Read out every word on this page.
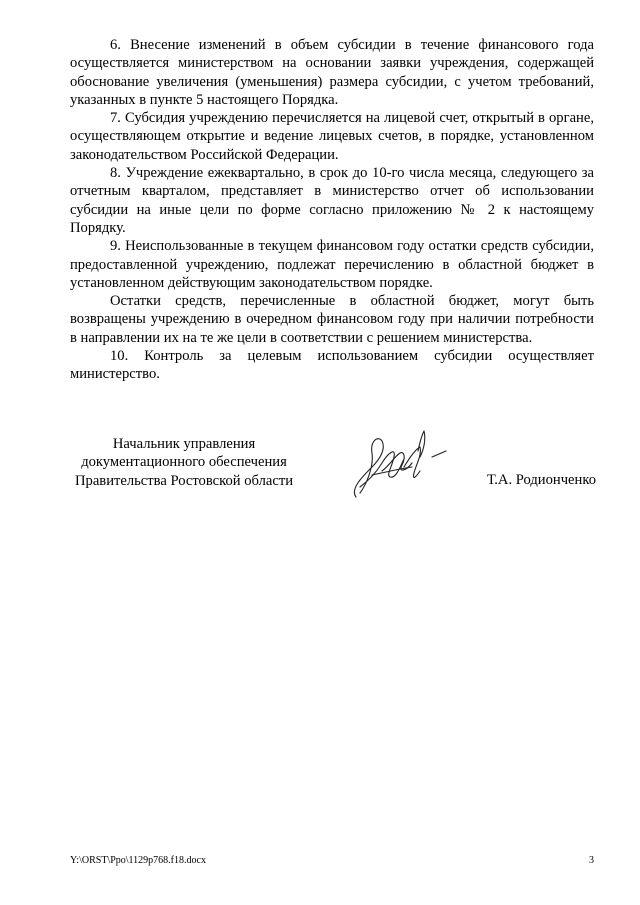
6. Внесение изменений в объем субсидии в течение финансового года осуществляется министерством на основании заявки учреждения, содержащей обоснование увеличения (уменьшения) размера субсидии, с учетом требований, указанных в пункте 5 настоящего Порядка.

7. Субсидия учреждению перечисляется на лицевой счет, открытый в органе, осуществляющем открытие и ведение лицевых счетов, в порядке, установленном законодательством Российской Федерации.

8. Учреждение ежеквартально, в срок до 10-го числа месяца, следующего за отчетным кварталом, представляет в министерство отчет об использовании субсидии на иные цели по форме согласно приложению № 2 к настоящему Порядку.

9. Неиспользованные в текущем финансовом году остатки средств субсидии, предоставленной учреждению, подлежат перечислению в областной бюджет в установленном действующим законодательством порядке.

Остатки средств, перечисленные в областной бюджет, могут быть возвращены учреждению в очередном финансовом году при наличии потребности в направлении их на те же цели в соответствии с решением министерства.

10. Контроль за целевым использованием субсидии осуществляет министерство.

Начальник управления
документационного обеспечения
Правительства Ростовской области	Т.А. Родионченко
Y:\ORST\Ppo\1129p768.f18.docx	3
